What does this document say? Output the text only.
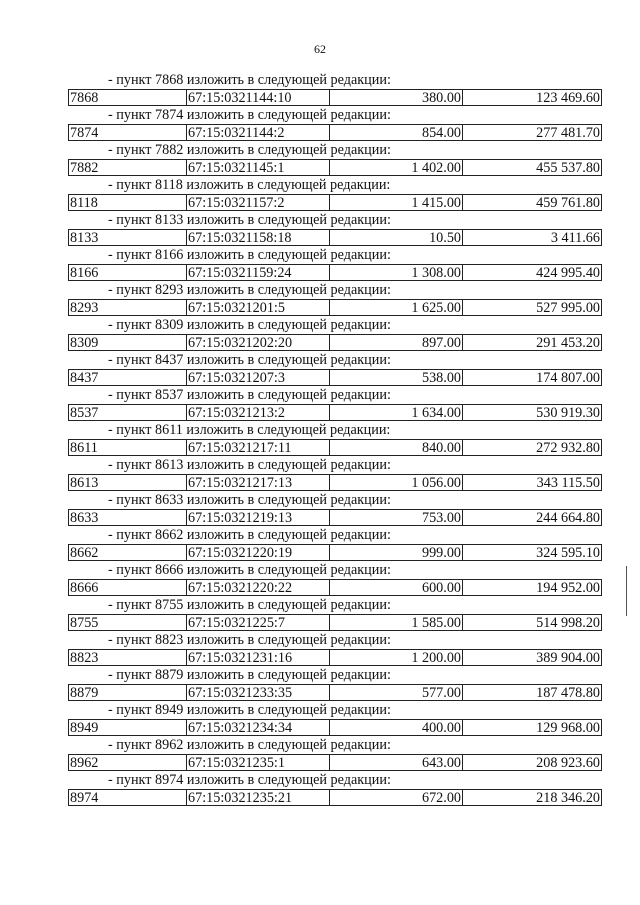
62
- пункт 7868 изложить в следующей редакции:
7868	67:15:0321144:10	380.00	123 469.60
- пункт 7874 изложить в следующей редакции:
7874	67:15:0321144:2	854.00	277 481.70
- пункт 7882 изложить в следующей редакции:
7882	67:15:0321145:1	1 402.00	455 537.80
- пункт 8118 изложить в следующей редакции:
8118	67:15:0321157:2	1 415.00	459 761.80
- пункт 8133 изложить в следующей редакции:
8133	67:15:0321158:18	10.50	3 411.66
- пункт 8166 изложить в следующей редакции:
8166	67:15:0321159:24	1 308.00	424 995.40
- пункт 8293 изложить в следующей редакции:
8293	67:15:0321201:5	1 625.00	527 995.00
- пункт 8309 изложить в следующей редакции:
8309	67:15:0321202:20	897.00	291 453.20
- пункт 8437 изложить в следующей редакции:
8437	67:15:0321207:3	538.00	174 807.00
- пункт 8537 изложить в следующей редакции:
8537	67:15:0321213:2	1 634.00	530 919.30
- пункт 8611 изложить в следующей редакции:
8611	67:15:0321217:11	840.00	272 932.80
- пункт 8613 изложить в следующей редакции:
8613	67:15:0321217:13	1 056.00	343 115.50
- пункт 8633 изложить в следующей редакции:
8633	67:15:0321219:13	753.00	244 664.80
- пункт 8662 изложить в следующей редакции:
8662	67:15:0321220:19	999.00	324 595.10
- пункт 8666 изложить в следующей редакции:
8666	67:15:0321220:22	600.00	194 952.00
- пункт 8755 изложить в следующей редакции:
8755	67:15:0321225:7	1 585.00	514 998.20
- пункт 8823 изложить в следующей редакции:
8823	67:15:0321231:16	1 200.00	389 904.00
- пункт 8879 изложить в следующей редакции:
8879	67:15:0321233:35	577.00	187 478.80
- пункт 8949 изложить в следующей редакции:
8949	67:15:0321234:34	400.00	129 968.00
- пункт 8962 изложить в следующей редакции:
8962	67:15:0321235:1	643.00	208 923.60
- пункт 8974 изложить в следующей редакции:
8974	67:15:0321235:21	672.00	218 346.20
